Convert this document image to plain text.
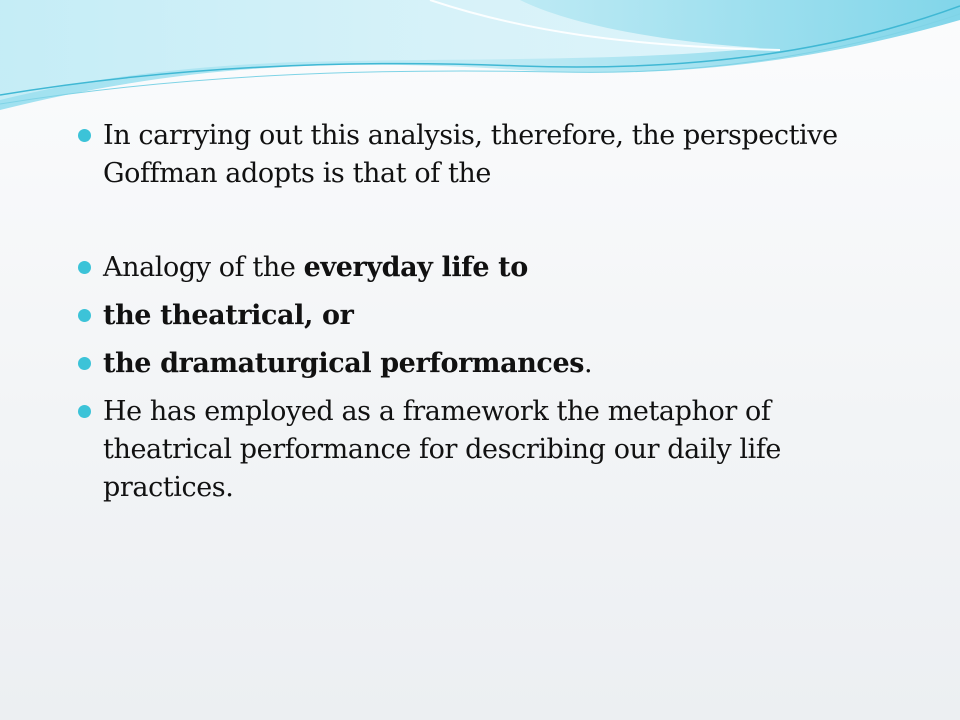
In carrying out this analysis, therefore, the perspective Goffman adopts is that of the
Analogy of the everyday life to
the theatrical, or
the dramaturgical performances.
He has employed as a framework the metaphor of theatrical performance for describing our daily life practices.
